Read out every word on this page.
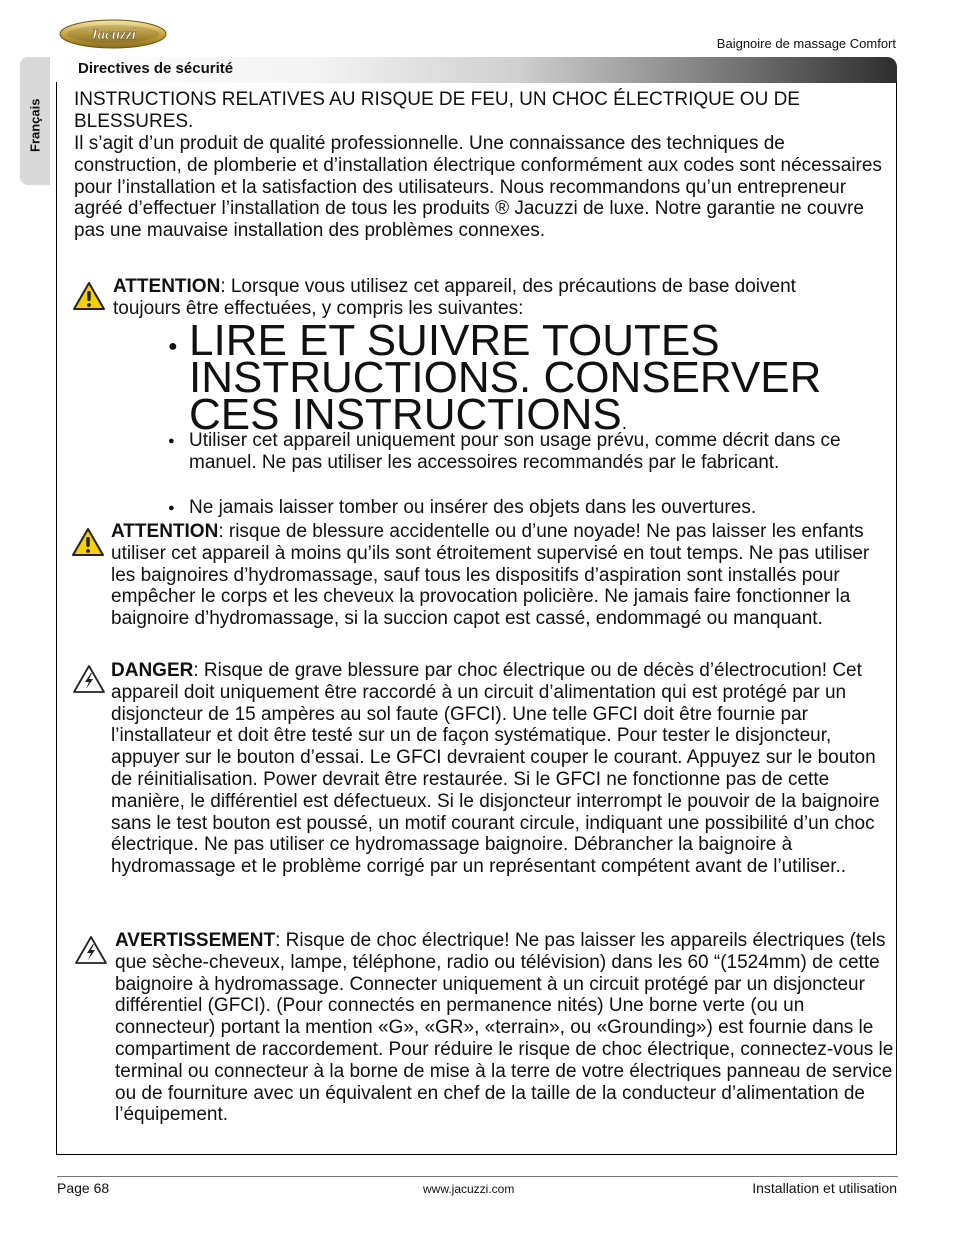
Jacuzzi
Baignoire de massage Comfort
Français
Directives de sécurité
INSTRUCTIONS RELATIVES AU RISQUE DE FEU, UN CHOC ÉLECTRIQUE OU DE BLESSURES.
Il s’agit d’un produit de qualité professionnelle. Une connaissance des techniques de construction, de plomberie et d’installation électrique conformément aux codes sont nécessaires pour l’installation et la satisfaction des utilisateurs. Nous recommandons qu’un entrepreneur agréé d’effectuer l’installation de tous les produits ® Jacuzzi de luxe. Notre garantie ne couvre pas une mauvaise installation des problèmes connexes.
ATTENTION: Lorsque vous utilisez cet appareil, des précautions de base doivent toujours être effectuées, y compris les suivantes:
● LIRE ET SUIVRE TOUTES INSTRUCTIONS. CONSERVER CES INSTRUCTIONS.
● Utiliser cet appareil uniquement pour son usage prévu, comme décrit dans ce manuel. Ne pas utiliser les accessoires recommandés par le fabricant.
● Ne jamais laisser tomber ou insérer des objets dans les ouvertures.
ATTENTION: risque de blessure accidentelle ou d’une noyade! Ne pas laisser les enfants utiliser cet appareil à moins qu’ils sont étroitement supervisé en tout temps. Ne pas utiliser les baignoires d’hydromassage, sauf tous les dispositifs d’aspiration sont installés pour empêcher le corps et les cheveux la provocation policière. Ne jamais faire fonctionner la baignoire d’hydromassage, si la succion capot est cassé, endommagé ou manquant.
DANGER: Risque de grave blessure par choc électrique ou de décès d’électrocution! Cet appareil doit uniquement être raccordé à un circuit d’alimentation qui est protégé par un disjoncteur de 15 ampères au sol faute (GFCI). Une telle GFCI doit être fournie par l’installateur et doit être testé sur un de façon systématique. Pour tester le disjoncteur, appuyer sur le bouton d’essai. Le GFCI devraient couper le courant. Appuyez sur le bouton de réinitialisation. Power devrait être restaurée. Si le GFCI ne fonctionne pas de cette manière, le différentiel est défectueux. Si le disjoncteur interrompt le pouvoir de la baignoire sans le test bouton est poussé, un motif courant circule, indiquant une possibilité d’un choc électrique. Ne pas utiliser ce hydromassage baignoire. Débrancher la baignoire à hydromassage et le problème corrigé par un représentant compétent avant de l’utiliser..
AVERTISSEMENT: Risque de choc électrique! Ne pas laisser les appareils électriques (tels que sèche-cheveux, lampe, téléphone, radio ou télévision) dans les 60 “(1524mm) de cette baignoire à hydromassage. Connecter uniquement à un circuit protégé par un disjoncteur différentiel (GFCI). (Pour connectés en permanence nités) Une borne verte (ou un connecteur) portant la mention «G», «GR», «terrain», ou «Grounding») est fournie dans le compartiment de raccordement. Pour réduire le risque de choc électrique, connectez-vous le terminal ou connecteur à la borne de mise à la terre de votre électriques panneau de service ou de fourniture avec un équivalent en chef de la taille de la conducteur d’alimentation de l’équipement.
Page 68	www.jacuzzi.com	Installation et utilisation
